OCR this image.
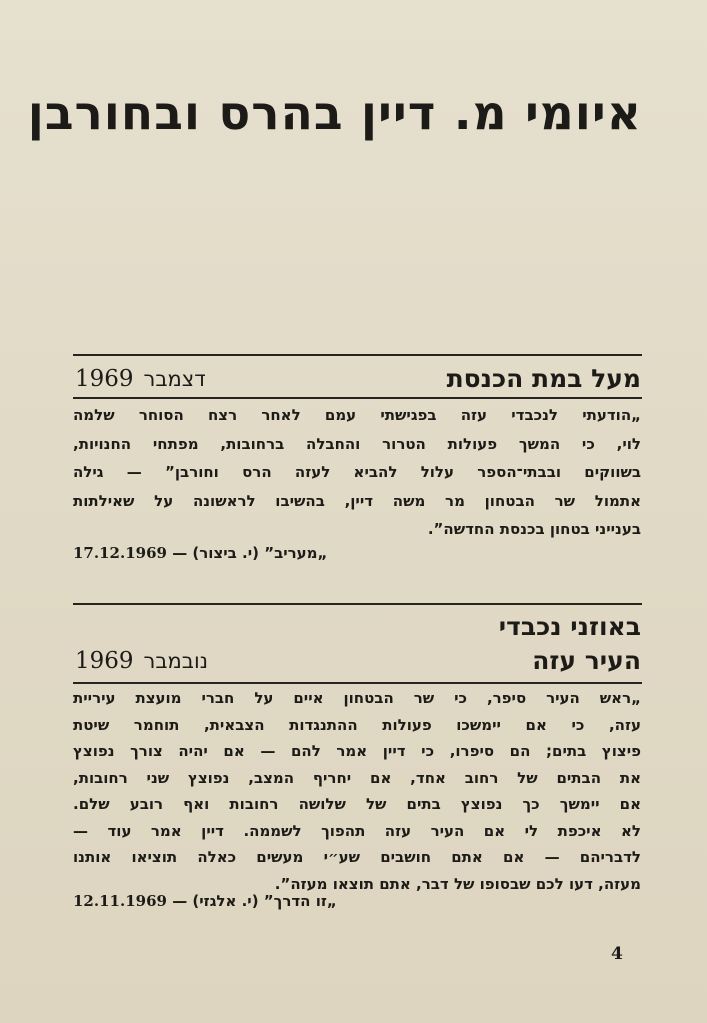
איומי מ. דיין בהרס ובחורבן
מעל במת הכנסת
1969 דצמבר

„הודעתי לנכבדי עזה בפגישתי עמם לאחר רצח הסוחר שלמה

לוי, כי המשך פעולות הטרור והחבלה ברחובות, מפתחי החנויות,

בשווקים ובבתי־הספר עלול להביא לעזה הרס וחורבן” — גילה

אתמול שר הבטחון מר משה דיין, בהשיבו לראשונה על שאילתות

בענייני בטחון בכנסת החדשה”.

„מעריב” (י. ביצור) — 17.12.1969
באוזני נכבדי
העיר עזה
1969 נובמבר

„ראש העיר סיפר, כי שר הבטחון איים על חברי מועצת עיריית

עזה, כי אם יימשכו פעולות ההתנגדות הצבאית, תוחמר שיטת

פיצוץ בתים; הם סיפרו, כי דיין אמר להם — אם יהיה צורך נפוצץ

את הבתים של רחוב אחד, אם יחריף המצב, נפוצץ שני רחובות,

אם יימשך כך נפוצץ בתים של שלושה רחובות ואף רובע שלם.

לא איכפת לי אם העיר עזה תהפוך לשממה. דיין אמר עוד —

לדבריהם — אם אתם חושבים שע״י מעשים כאלה תוציאו אותנו

מעזה, דעו לכם שבסופו של דבר, אתם תוצאו מעזה”.

„זו הדרך” (י. אלגזי) — 12.11.1969
4
